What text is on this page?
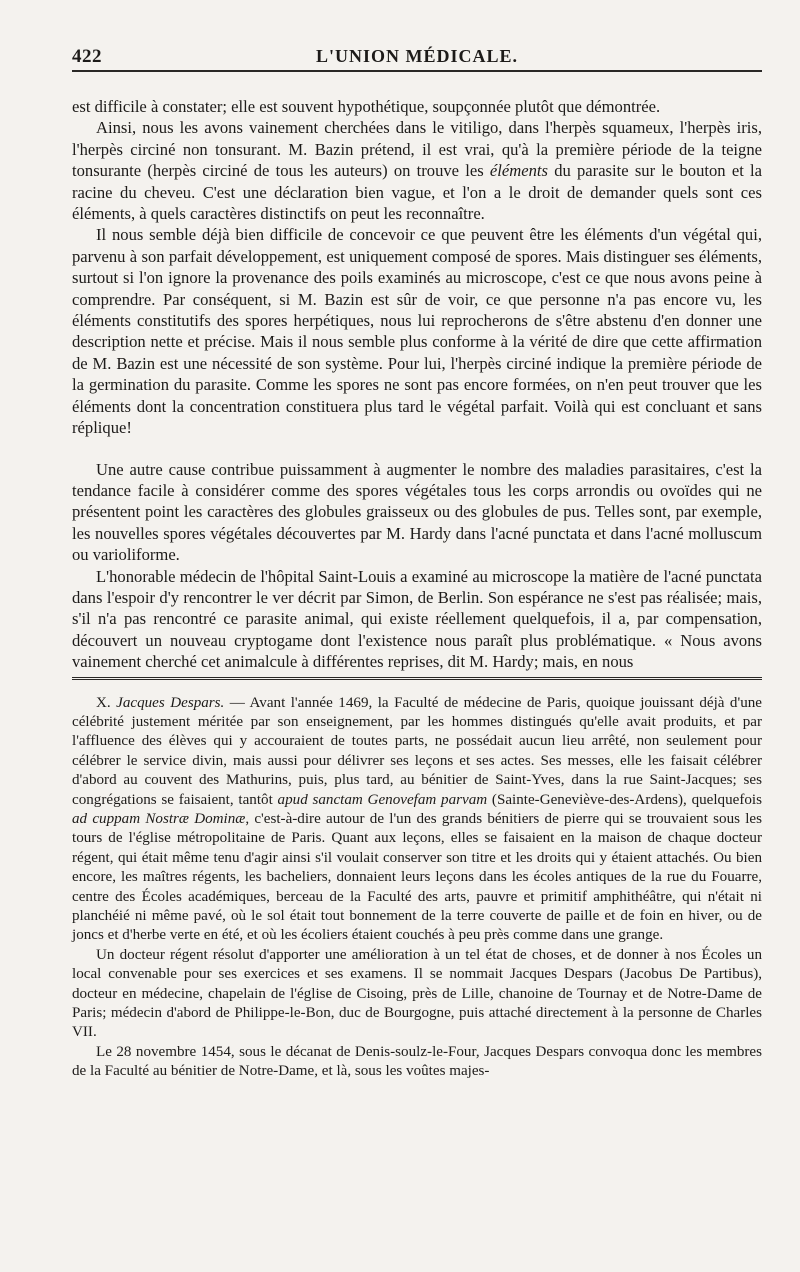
422	L'UNION MÉDICALE.

est difficile à constater; elle est souvent hypothétique, soupçonnée plutôt que démontrée.

Ainsi, nous les avons vainement cherchées dans le vitiligo, dans l'herpès squameux, l'herpès iris, l'herpès circiné non tonsurant. M. Bazin prétend, il est vrai, qu'à la première période de la teigne tonsurante (herpès circiné de tous les auteurs) on trouve les éléments du parasite sur le bouton et la racine du cheveu. C'est une déclaration bien vague, et l'on a le droit de demander quels sont ces éléments, à quels caractères distinctifs on peut les reconnaître.

Il nous semble déjà bien difficile de concevoir ce que peuvent être les éléments d'un végétal qui, parvenu à son parfait développement, est uniquement composé de spores. Mais distinguer ses éléments, surtout si l'on ignore la provenance des poils examinés au microscope, c'est ce que nous avons peine à comprendre. Par conséquent, si M. Bazin est sûr de voir, ce que personne n'a pas encore vu, les éléments constitutifs des spores herpétiques, nous lui reprocherons de s'être abstenu d'en donner une description nette et précise. Mais il nous semble plus conforme à la vérité de dire que cette affirmation de M. Bazin est une nécessité de son système. Pour lui, l'herpès circiné indique la première période de la germination du parasite. Comme les spores ne sont pas encore formées, on n'en peut trouver que les éléments dont la concentration constituera plus tard le végétal parfait. Voilà qui est concluant et sans réplique!

Une autre cause contribue puissamment à augmenter le nombre des maladies parasitaires, c'est la tendance facile à considérer comme des spores végétales tous les corps arrondis ou ovoïdes qui ne présentent point les caractères des globules graisseux ou des globules de pus. Telles sont, par exemple, les nouvelles spores végétales découvertes par M. Hardy dans l'acné punctata et dans l'acné molluscum ou varioliforme.

L'honorable médecin de l'hôpital Saint-Louis a examiné au microscope la matière de l'acné punctata dans l'espoir d'y rencontrer le ver décrit par Simon, de Berlin. Son espérance ne s'est pas réalisée; mais, s'il n'a pas rencontré ce parasite animal, qui existe réellement quelquefois, il a, par compensation, découvert un nouveau cryptogame dont l'existence nous paraît plus problématique. « Nous avons vainement cherché cet animalcule à différentes reprises, dit M. Hardy; mais, en nous

X. Jacques Despars. — Avant l'année 1469, la Faculté de médecine de Paris, quoique jouissant déjà d'une célébrité justement méritée par son enseignement, par les hommes distingués qu'elle avait produits, et par l'affluence des élèves qui y accouraient de toutes parts, ne possédait aucun lieu arrêté, non seulement pour célébrer le service divin, mais aussi pour délivrer ses leçons et ses actes. Ses messes, elle les faisait célébrer d'abord au couvent des Mathurins, puis, plus tard, au bénitier de Saint-Yves, dans la rue Saint-Jacques; ses congrégations se faisaient, tantôt apud sanctam Genovefam parvam (Sainte-Geneviève-des-Ardens), quelquefois ad cuppam Nostræ Dominæ, c'est-à-dire autour de l'un des grands bénitiers de pierre qui se trouvaient sous les tours de l'église métropolitaine de Paris. Quant aux leçons, elles se faisaient en la maison de chaque docteur régent, qui était même tenu d'agir ainsi s'il voulait conserver son titre et les droits qui y étaient attachés. Ou bien encore, les maîtres régents, les bacheliers, donnaient leurs leçons dans les écoles antiques de la rue du Fouarre, centre des Écoles académiques, berceau de la Faculté des arts, pauvre et primitif amphithéâtre, qui n'était ni planchéié ni même pavé, où le sol était tout bonnement de la terre couverte de paille et de foin en hiver, ou de joncs et d'herbe verte en été, et où les écoliers étaient couchés à peu près comme dans une grange.

Un docteur régent résolut d'apporter une amélioration à un tel état de choses, et de donner à nos Écoles un local convenable pour ses exercices et ses examens. Il se nommait Jacques Despars (Jacobus De Partibus), docteur en médecine, chapelain de l'église de Cisoing, près de Lille, chanoine de Tournay et de Notre-Dame de Paris; médecin d'abord de Philippe-le-Bon, duc de Bourgogne, puis attaché directement à la personne de Charles VII.

Le 28 novembre 1454, sous le décanat de Denis-soulz-le-Four, Jacques Despars convoqua donc les membres de la Faculté au bénitier de Notre-Dame, et là, sous les voûtes majes-
